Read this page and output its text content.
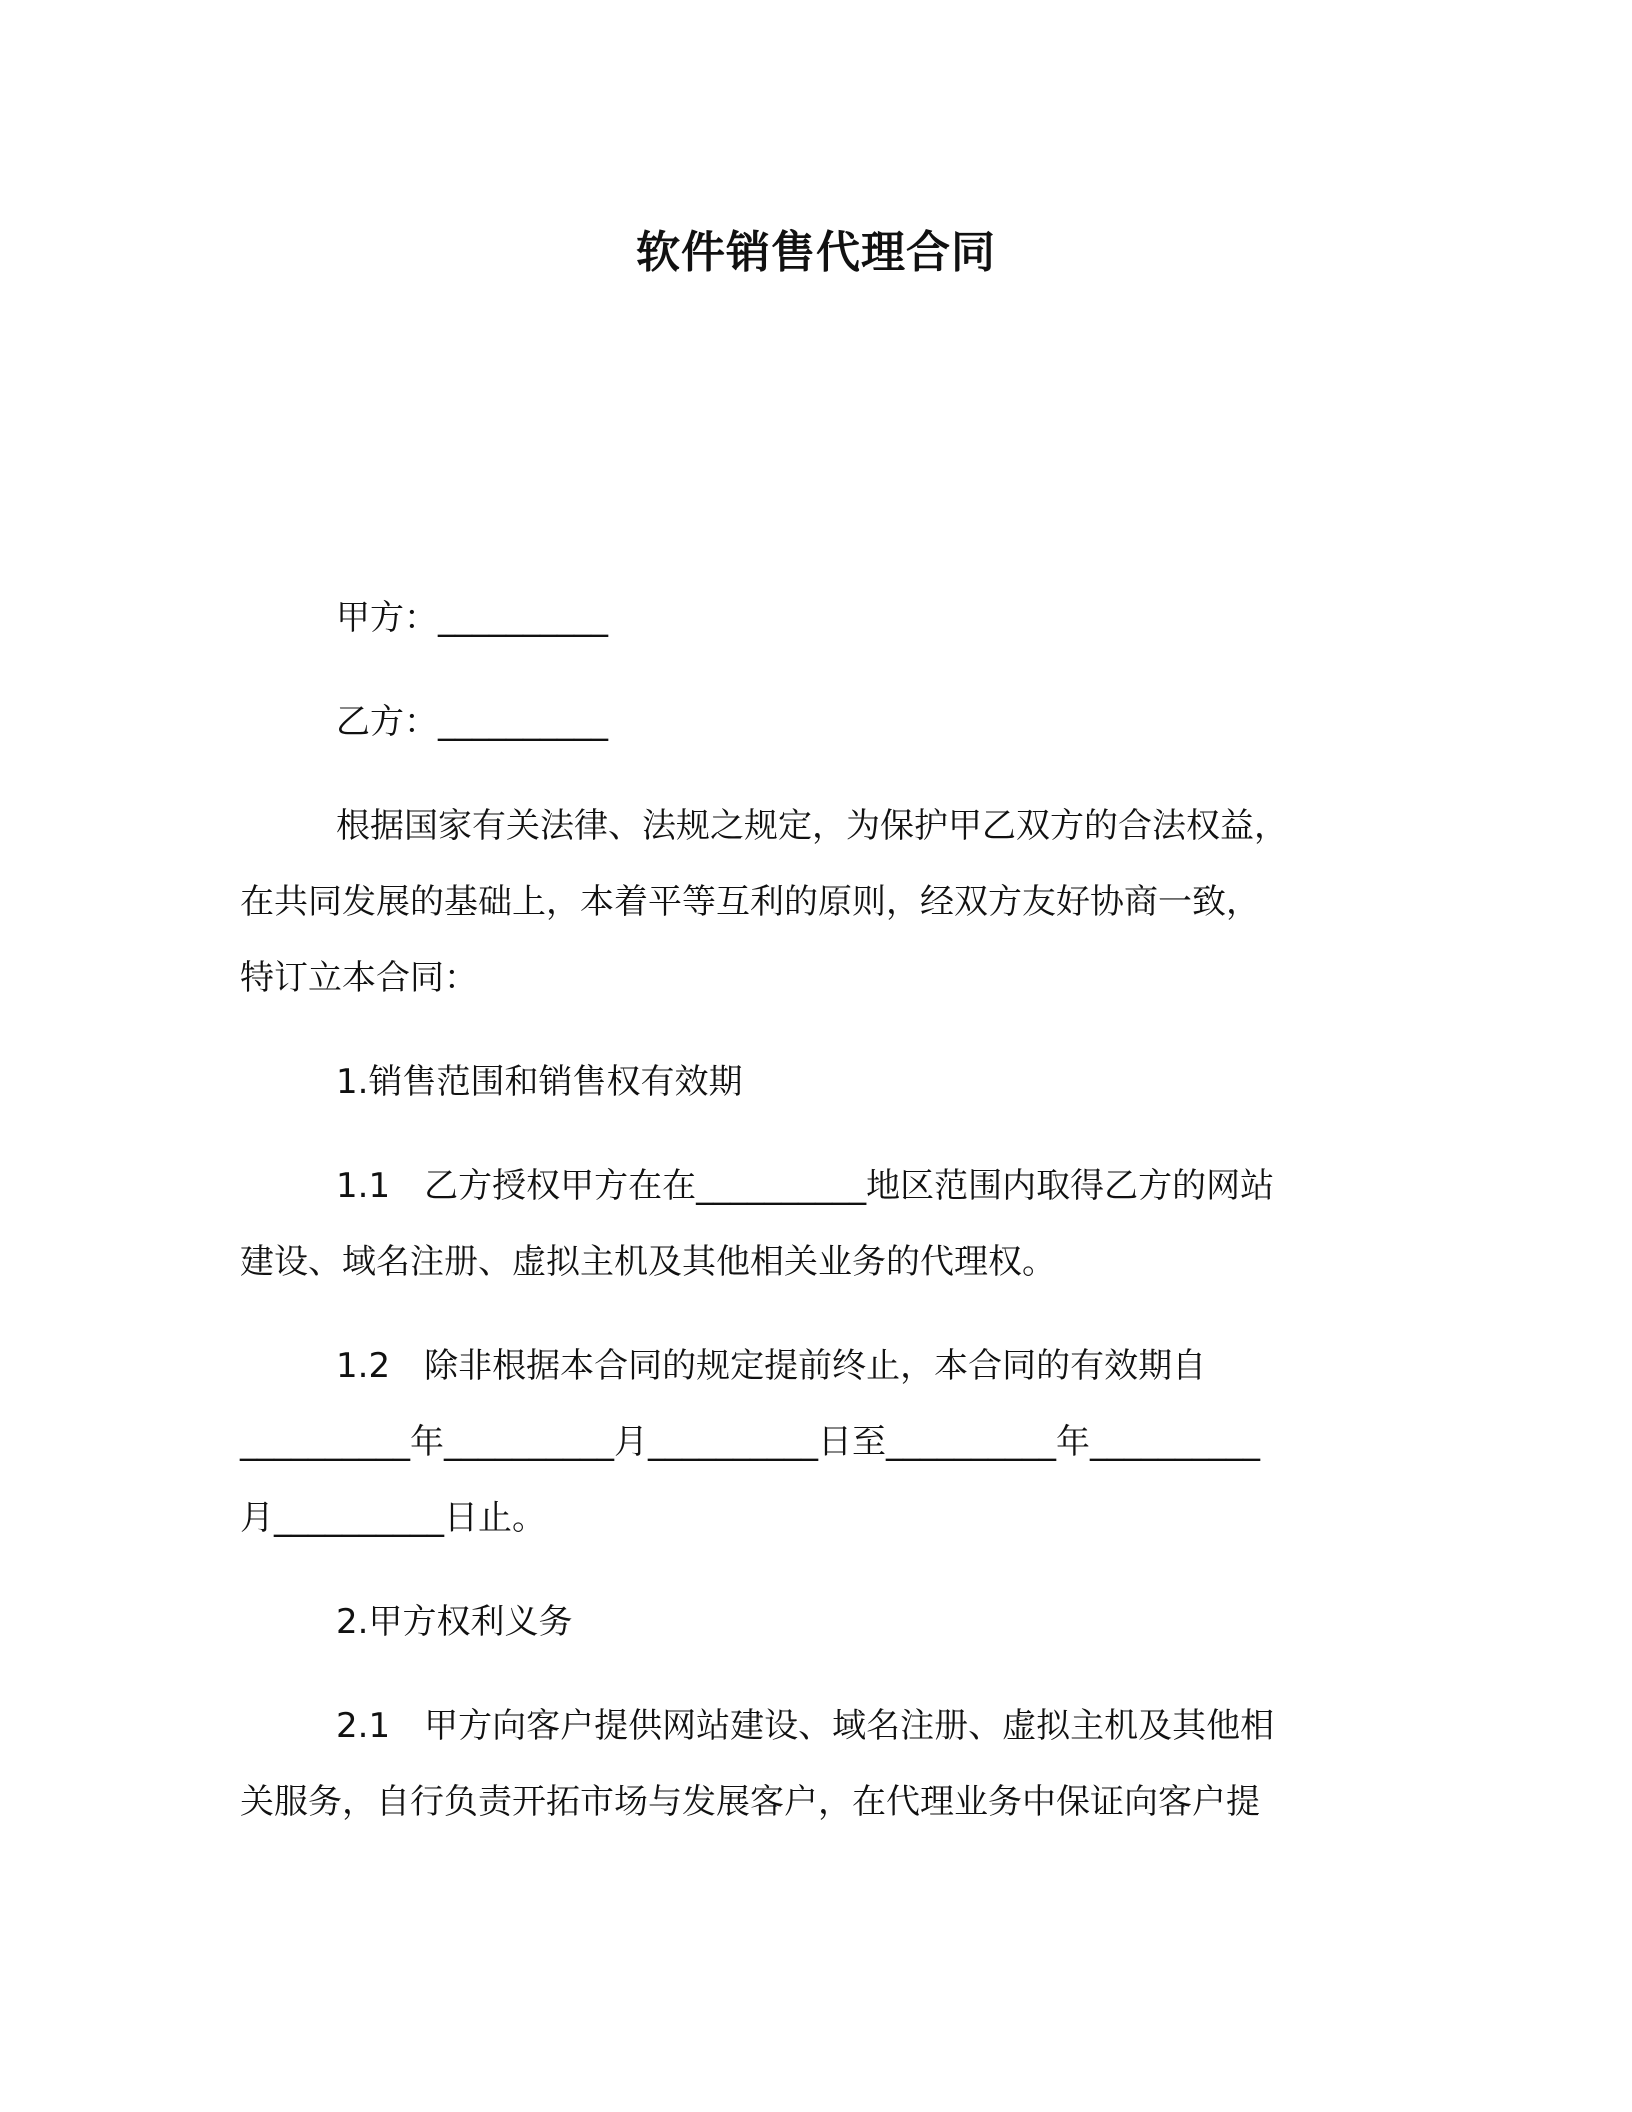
软件销售代理合同
甲方：__________
乙方：__________
根据国家有关法律、法规之规定，为保护甲乙双方的合法权益，
在共同发展的基础上，本着平等互利的原则，经双方友好协商一致，
特订立本合同：
1.销售范围和销售权有效期
1.1　乙方授权甲方在在__________地区范围内取得乙方的网站
建设、域名注册、虚拟主机及其他相关业务的代理权。
1.2　除非根据本合同的规定提前终止，本合同的有效期自
__________年__________月__________日至__________年__________
月__________日止。
2.甲方权利义务
2.1　甲方向客户提供网站建设、域名注册、虚拟主机及其他相
关服务，自行负责开拓市场与发展客户，在代理业务中保证向客户提
